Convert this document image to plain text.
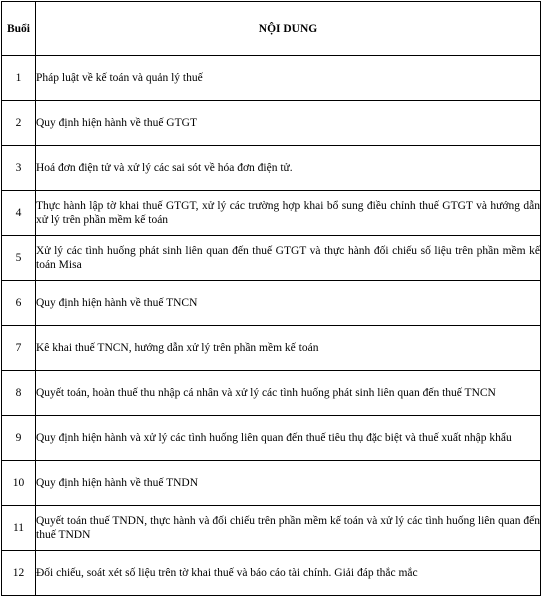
Buổi	NỘI DUNG
1	Pháp luật về kế toán và quản lý thuế
2	Quy định hiện hành về thuế GTGT
3	Hoá đơn điện tử và xử lý các sai sót về hóa đơn điện tử.
4	Thực hành lập tờ khai thuế GTGT, xử lý các trường hợp khai bổ sung điều chỉnh thuế GTGT và hướng dẫn xử lý trên phần mềm kế toán
5	Xử lý các tình huống phát sinh liên quan đến thuế GTGT và thực hành đối chiếu số liệu trên phần mềm kế toán Misa
6	Quy định hiện hành về thuế TNCN
7	Kê khai thuế TNCN, hướng dẫn xử lý trên phần mềm kế toán
8	Quyết toán, hoàn thuế thu nhập cá nhân và xử lý các tình huống phát sinh liên quan đến thuế TNCN
9	Quy định hiện hành và xử lý các tình huống liên quan đến thuế tiêu thụ đặc biệt và thuế xuất nhập khẩu
10	Quy định hiện hành về thuế TNDN
11	Quyết toán thuế TNDN, thực hành và đối chiếu trên phần mềm kế toán và xử lý các tình huống liên quan đến thuế TNDN
12	Đối chiếu, soát xét số liệu trên tờ khai thuế và báo cáo tài chính. Giải đáp thắc mắc
